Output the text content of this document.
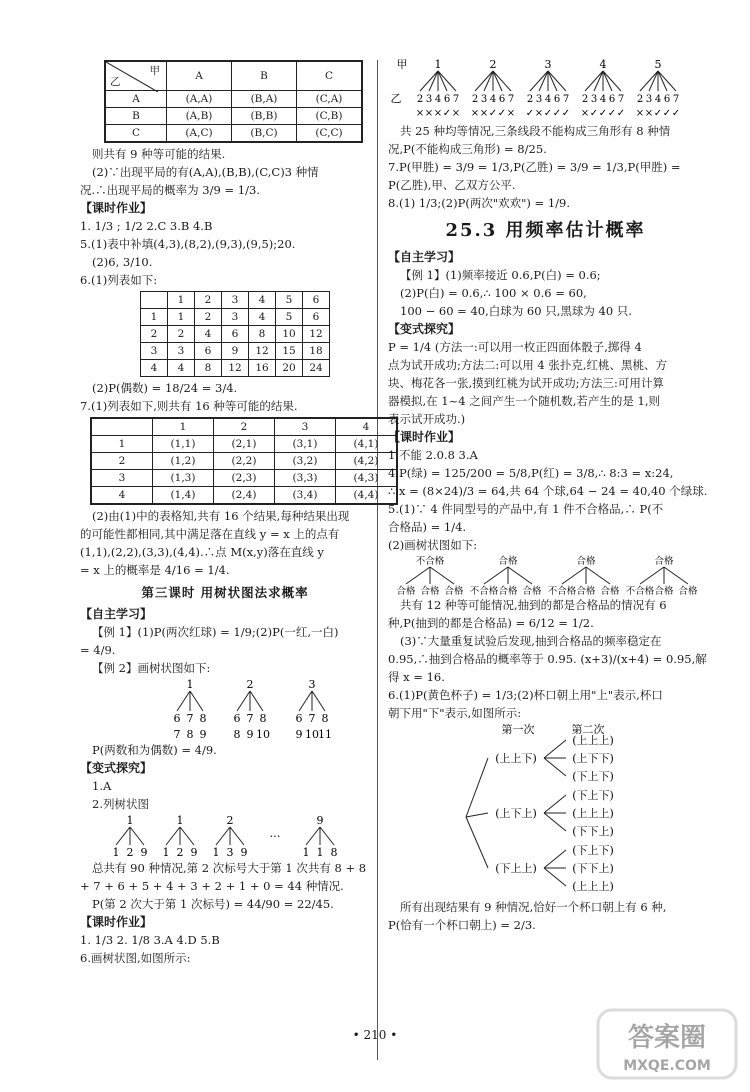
甲
乙	A	B	C
A	(A,A)	(B,A)	(C,A)
B	(A,B)	(B,B)	(C,B)
C	(A,C)	(B,C)	(C,C)

则共有 9 种等可能的结果.

(2)∵出现平局的有(A,A),(B,B),(C,C)3 种情

况.∴出现平局的概率为 3/9 = 1/3.

【课时作业】

1. 1/3 ; 1/2 2.C 3.B 4.B

5.(1)表中补填(4,3),(8,2),(9,3),(9,5);20.

(2)6, 3/10.

6.(1)列表如下:

	1	2	3	4	5	6
1	1	2	3	4	5	6
2	2	4	6	8	10	12
3	3	6	9	12	15	18
4	4	8	12	16	20	24

(2)P(偶数) = 18/24 = 3/4.

7.(1)列表如下,则共有 16 种等可能的结果.

	1	2	3	4
1	(1,1)	(2,1)	(3,1)	(4,1)
2	(1,2)	(2,2)	(3,2)	(4,2)
3	(1,3)	(2,3)	(3,3)	(4,3)
4	(1,4)	(2,4)	(3,4)	(4,4)

(2)由(1)中的表格知,共有 16 个结果,每种结果出现

的可能性都相同,其中满足落在直线 y = x 上的点有

(1,1),(2,2),(3,3),(4,4).∴点 M(x,y)落在直线 y

= x 上的概率是 4/16 = 1/4.

第三课时 用树状图法求概率

【自主学习】

【例 1】(1)P(两次红球) = 1/9;(2)P(一红,一白)

= 4/9.

【例 2】画树状图如下:

1
6
7
7
8
8
9
2
6
8
7
9
8
10
3
6
9
7
10
8
11

P(两数和为偶数) = 4/9.

【变式探究】

1.A

2.列树状图

1
1 2 9
1
1 2 9
2
1 3 9
9
1 1 8
…

总共有 90 种情况,第 2 次标号大于第 1 次共有 8 + 8

+ 7 + 6 + 5 + 4 + 3 + 2 + 1 + 0 = 44 种情况.

P(第 2 次大于第 1 次标号) = 44/90 = 22/45.

【课时作业】

1. 1/3 2. 1/8 3.A 4.D 5.B

6.画树状图,如图所示:

甲
乙
1
2
×
3
×
4
×
6
✓
7
×
2
2
×
3
×
4
✓
6
✓
7
×
3
2
✓
3
×
4
✓
6
✓
7
✓
4
2
×
3
✓
4
✓
6
✓
7
✓
5
2
×
3
×
4
✓
6
✓
7
✓

共 25 种均等情况,三条线段不能构成三角形有 8 种情

况,P(不能构成三角形) = 8/25.

7.P(甲胜) = 3/9 = 1/3,P(乙胜) = 3/9 = 1/3,P(甲胜) =

P(乙胜),甲、乙双方公平.

8.(1) 1/3;(2)P(两次"欢欢") = 1/9.

25.3 用频率估计概率

【自主学习】

【例 1】(1)频率接近 0.6,P(白) = 0.6;

(2)P(白) = 0.6,∴ 100 × 0.6 = 60,

100 − 60 = 40,白球为 60 只,黑球为 40 只.

【变式探究】

P = 1/4 (方法一:可以用一枚正四面体骰子,掷得 4

点为试开成功;方法二:可以用 4 张扑克,红桃、黑桃、方

块、梅花各一张,摸到红桃为试开成功;方法三:可用计算

器模拟,在 1~4 之间产生一个随机数,若产生的是 1,则

表示试开成功.)

【课时作业】

1.不能 2.0.8 3.A

4.P(绿) = 125/200 = 5/8,P(红) = 3/8,∴ 8:3 = x:24,

∴ x = (8×24)/3 = 64,共 64 个球,64 − 24 = 40,40 个绿球.

5.(1)∵ 4 件同型号的产品中,有 1 件不合格品,∴ P(不

合格品) = 1/4.

(2)画树状图如下:

不合格
合格 合格 合格
合格
不合格 合格 合格
合格
不合格 合格 合格
合格
不合格 合格 合格

共有 12 种等可能情况,抽到的都是合格品的情况有 6

种,P(抽到的都是合格品) = 6/12 = 1/2.

(3)∵大量重复试验后发现,抽到合格品的频率稳定在

0.95,∴抽到合格品的概率等于 0.95. (x+3)/(x+4) = 0.95,解

得 x = 16.

6.(1)P(黄色杯子) = 1/3;(2)杯口朝上用"上"表示,杯口

朝下用"下"表示,如图所示:

第一次	第二次
(上上下)
(上上上)
(上下下)
(下上下)
(上下上)
(下上下)
(上上上)
(下下上)
(下上上)
(下上下)
(下下上)
(上上上)

所有出现结果有 9 种情况,恰好一个杯口朝上有 6 种,

P(恰有一个杯口朝上) = 2/3.

• 210 •	答案圈
MXQE.COM
